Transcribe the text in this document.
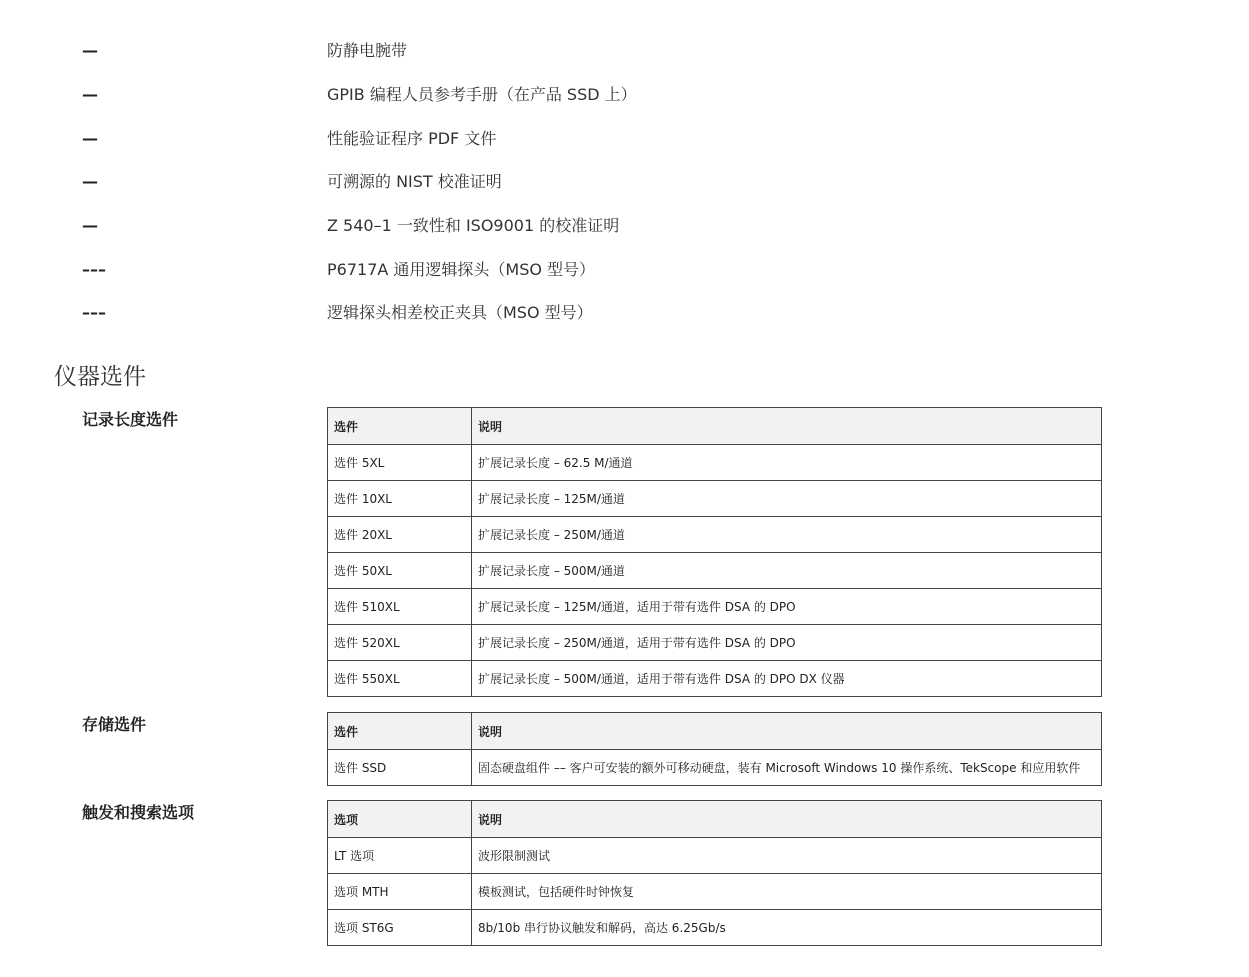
—	防静电腕带
—	GPIB 编程人员参考手册（在产品 SSD 上）
—	性能验证程序 PDF 文件
—	可溯源的 NIST 校准证明
—	Z 540–1 一致性和 ISO9001 的校准证明
–––	P6717A 通用逻辑探头（MSO 型号）
–––	逻辑探头相差校正夹具（MSO 型号）
仪器选件
记录长度选件	选件	说明
选件 5XL	扩展记录长度 – 62.5 M/通道
选件 10XL	扩展记录长度 – 125M/通道
选件 20XL	扩展记录长度 – 250M/通道
选件 50XL	扩展记录长度 – 500M/通道
选件 510XL	扩展记录长度 – 125M/通道，适用于带有选件 DSA 的 DPO
选件 520XL	扩展记录长度 – 250M/通道，适用于带有选件 DSA 的 DPO
选件 550XL	扩展记录长度 – 500M/通道，适用于带有选件 DSA 的 DPO DX 仪器
存储选件	选件	说明
选件 SSD	固态硬盘组件 –– 客户可安装的额外可移动硬盘，装有 Microsoft Windows 10 操作系统、TekScope 和应用软件
触发和搜索选项	选项	说明
LT 选项	波形限制测试
选项 MTH	模板测试，包括硬件时钟恢复
选项 ST6G	8b/10b 串行协议触发和解码，高达 6.25Gb/s
